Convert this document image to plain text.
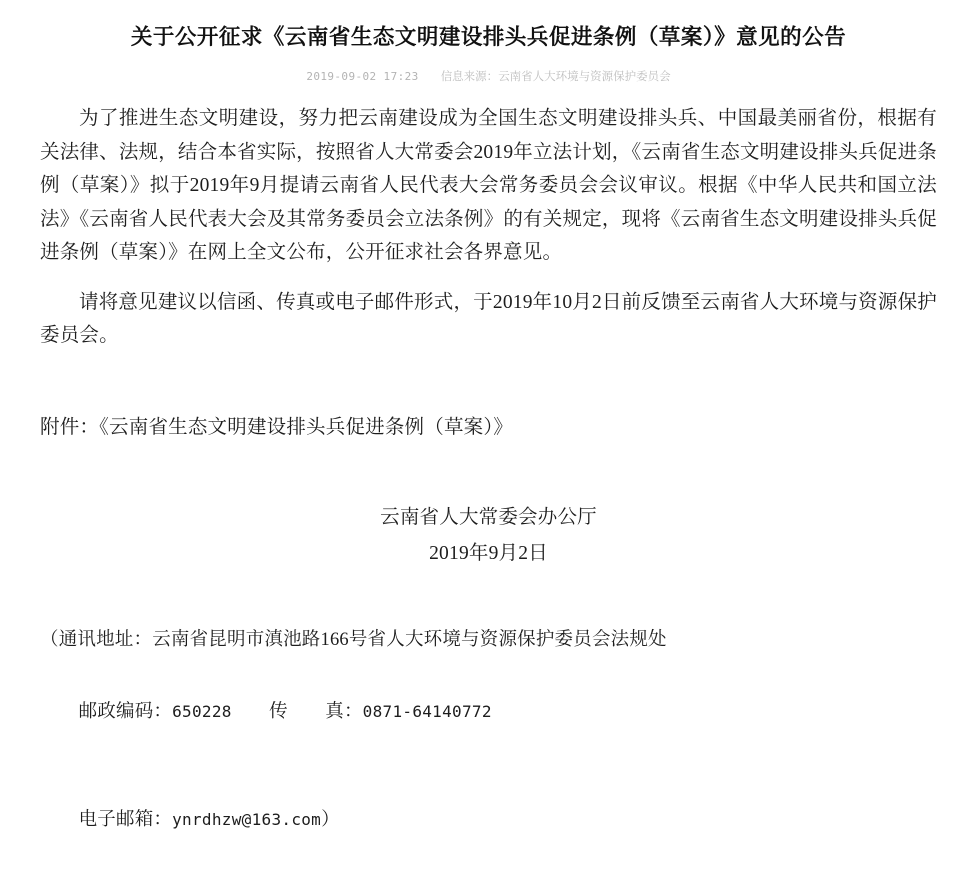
关于公开征求《云南省生态文明建设排头兵促进条例（草案）》意见的公告
2019-09-02 17:23 信息来源：云南省人大环境与资源保护委员会

为了推进生态文明建设，努力把云南建设成为全国生态文明建设排头兵、中国最美丽省份，根据有关法律、法规，结合本省实际，按照省人大常委会2019年立法计划，《云南省生态文明建设排头兵促进条例（草案）》拟于2019年9月提请云南省人民代表大会常务委员会会议审议。根据《中华人民共和国立法法》《云南省人民代表大会及其常务委员会立法条例》的有关规定，现将《云南省生态文明建设排头兵促进条例（草案）》在网上全文公布，公开征求社会各界意见。

请将意见建议以信函、传真或电子邮件形式，于2019年10月2日前反馈至云南省人大环境与资源保护委员会。

附件：《云南省生态文明建设排头兵促进条例（草案）》
云南省人大常委会办公厅
2019年9月2日
（通讯地址：云南省昆明市滇池路166号省人大环境与资源保护委员会法规处

邮政编码：650228　　 传　　真：0871-64140772

电子邮箱：ynrdhzw@163.com）
